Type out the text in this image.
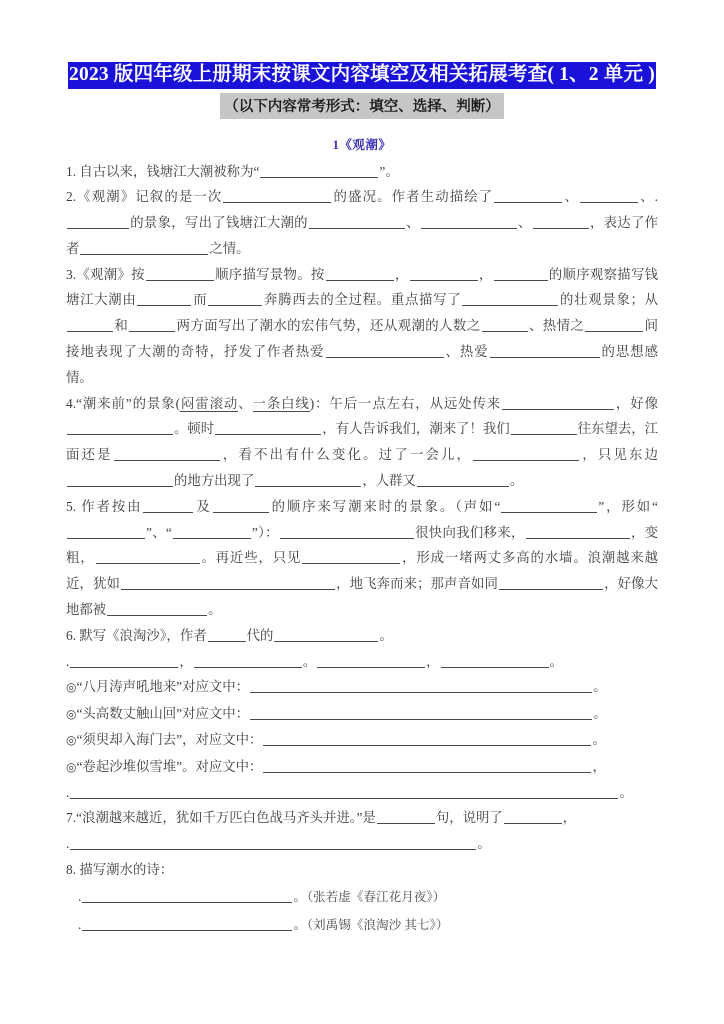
2023 版四年级上册期末按课文内容填空及相关拓展考查( 1、2 单元 )
（以下内容常考形式：填空、选择、判断）
1《观潮》

1. 自古以来，钱塘江大潮被称为“	”。

2.《观潮》记叙的是一次	的盛况。作者生动描绘了	、	、.的景象，写出了钱塘江大潮的	、	、	，表达了作者	之情。

3.《观潮》按	顺序描写景物。按	，	，	的顺序观察描写钱塘江大潮由	而	奔腾西去的全过程。重点描写了	的壮观景象；从和	两方面写出了潮水的宏伟气势，还从观潮的人数之	、热情之	间接地表现了大潮的奇特，抒发了作者热爱	、热爱	的思想感情。

4.“潮来前”的景象(闷雷滚动、一条白线)：午后一点左右，从远处传来	，好像。顿时	，有人告诉我们，潮来了！我们	往东望去，江面还是	，看不出有什么变化。过了一会儿，	，只见东边的地方出现了	，人群又	。

5. 作者按由	及	的顺序来写潮来时的景象。（声如“	”，形如“”、“	”）：	很快向我们移来，	，变粗，	。再近些，只见	，形成一堵两丈多高的水墙。浪潮越来越近，犹如	，地飞奔而来；那声音如同	，好像大地都被	。

6. 默写《浪淘沙》，作者	代的	。

.	，	。	，	。

◎“八月涛声吼地来”对应文中：	。
◎“头高数丈触山回”对应文中：	。
◎“须臾却入海门去”，对应文中：	。
◎“卷起沙堆似雪堆”。对应文中：	，
.	。

7.“浪潮越来越近，犹如千万匹白色战马齐头并进。”是	句，说明了	，

.	。

8. 描写潮水的诗：

.	。（张若虚《春江花月夜》）
.	。（刘禹锡《浪淘沙 其七》）
